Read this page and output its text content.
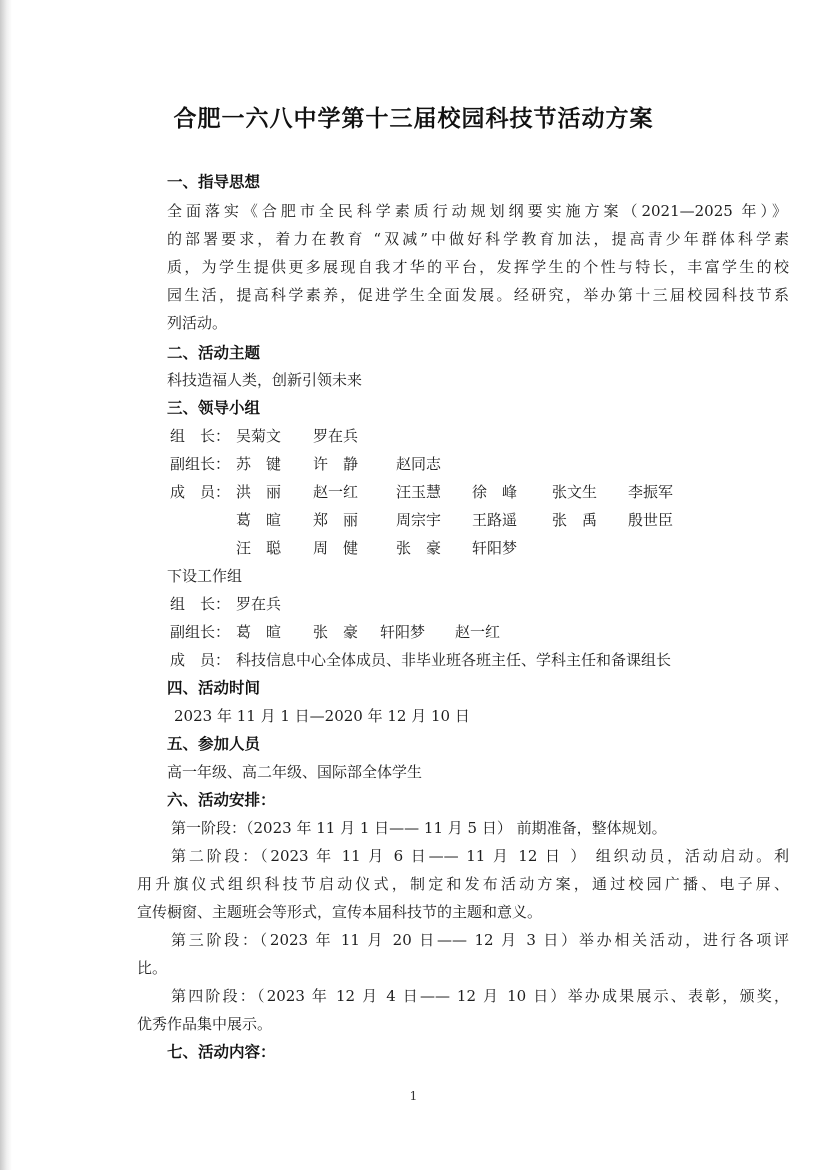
合肥一六八中学第十三届校园科技节活动方案
一、指导思想
全面落实《合肥市全民科学素质行动规划纲要实施方案（2021—2025 年）》
的部署要求，着力在教育 “双减”中做好科学教育加法，提高青少年群体科学素
质，为学生提供更多展现自我才华的平台，发挥学生的个性与特长，丰富学生的校
园生活，提高科学素养，促进学生全面发展。经研究，举办第十三届校园科技节系
列活动。
二、活动主题
科技造福人类，创新引领未来
三、领导小组
组　长： 吴菊文 罗在兵
副组长： 苏　键 许　静	赵同志
成　员： 洪　丽 赵一红	汪玉慧 徐　峰 张文生 李振军
葛　暄 郑　丽	周宗宇 王路遥 张　禹 殷世臣
汪　聪 周　健	张　豪 轩阳梦
下设工作组
组　长： 罗在兵
副组长： 葛　暄 张　豪 轩阳梦 赵一红
成　员： 科技信息中心全体成员、非毕业班各班主任、学科主任和备课组长
四、活动时间
2023 年 11 月 1 日—2020 年 12 月 10 日
五、参加人员
高一年级、高二年级、国际部全体学生
六、活动安排：
第一阶段：（2023 年 11 月 1 日—— 11 月 5 日） 前期准备，整体规划。
第二阶段：（2023 年 11 月 6 日—— 11 月 12 日 ） 组织动员，活动启动。利
用升旗仪式组织科技节启动仪式，制定和发布活动方案，通过校园广播、电子屏、
宣传橱窗、主题班会等形式，宣传本届科技节的主题和意义。
第三阶段：（2023 年 11 月 20 日—— 12 月 3 日）举办相关活动，进行各项评
比。
第四阶段：（2023 年 12 月 4 日—— 12 月 10 日）举办成果展示、表彰，颁奖，
优秀作品集中展示。
七、活动内容：
1
